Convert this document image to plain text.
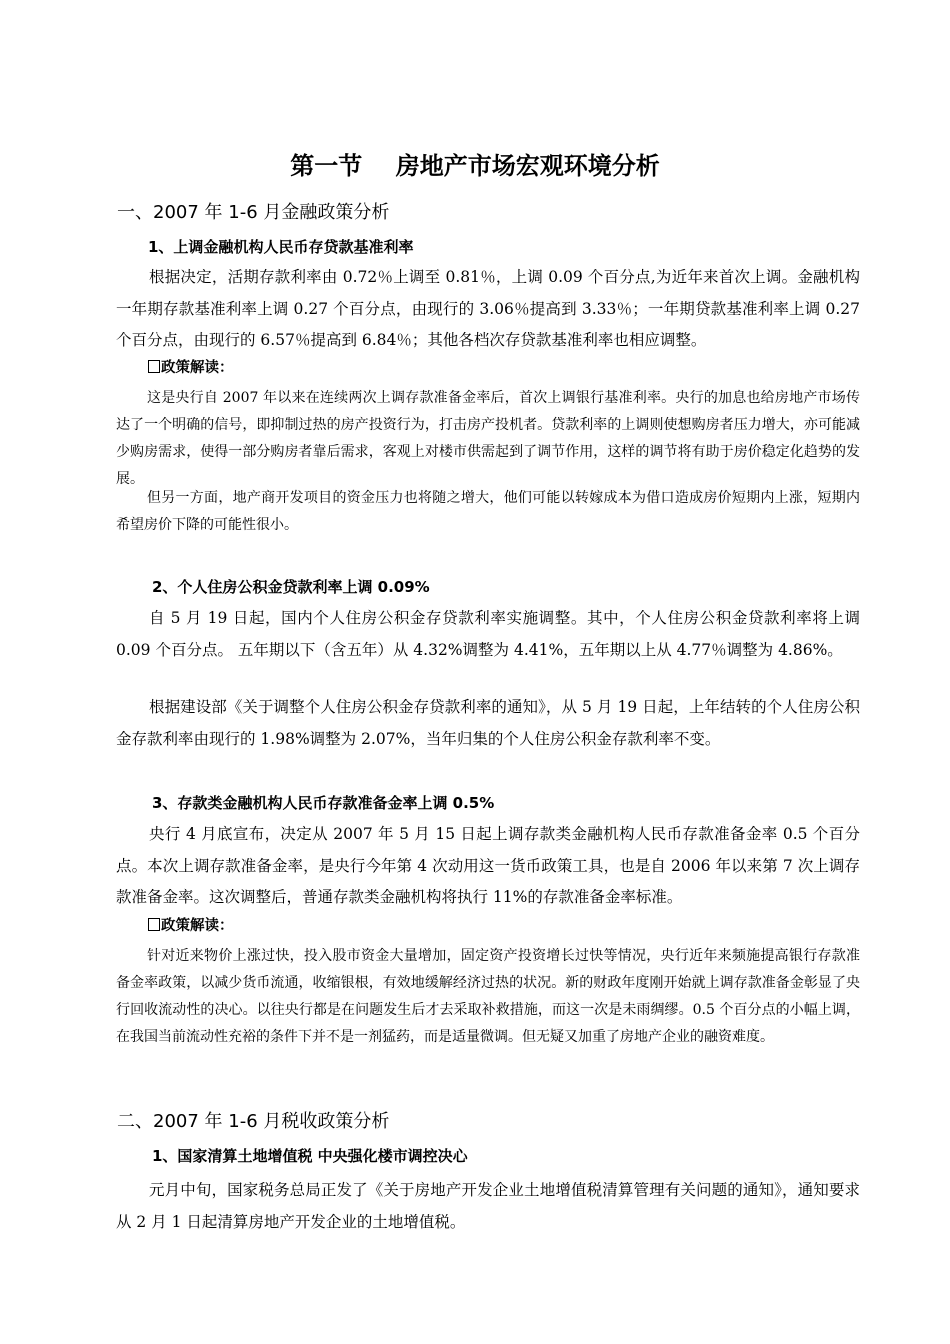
第一节    房地产市场宏观环境分析
一、2007 年 1-6 月金融政策分析
1、上调金融机构人民币存贷款基准利率
根据决定，活期存款利率由 0.72％上调至 0.81％，上调 0.09 个百分点,为近年来首次上调。金融机构一年期存款基准利率上调 0.27 个百分点，由现行的 3.06％提高到 3.33％；一年期贷款基准利率上调 0.27 个百分点，由现行的 6.57％提高到 6.84％；其他各档次存贷款基准利率也相应调整。
政策解读：
这是央行自 2007 年以来在连续两次上调存款准备金率后，首次上调银行基准利率。央行的加息也给房地产市场传达了一个明确的信号，即抑制过热的房产投资行为，打击房产投机者。贷款利率的上调则使想购房者压力增大，亦可能减少购房需求，使得一部分购房者靠后需求，客观上对楼市供需起到了调节作用，这样的调节将有助于房价稳定化趋势的发展。
但另一方面，地产商开发项目的资金压力也将随之增大，他们可能以转嫁成本为借口造成房价短期内上涨，短期内希望房价下降的可能性很小。
2、个人住房公积金贷款利率上调 0.09%
自 5 月 19 日起，国内个人住房公积金存贷款利率实施调整。其中，个人住房公积金贷款利率将上调 0.09 个百分点。 五年期以下（含五年）从 4.32%调整为 4.41%，五年期以上从 4.77％调整为 4.86%。
根据建设部《关于调整个人住房公积金存贷款利率的通知》，从 5 月 19 日起，上年结转的个人住房公积金存款利率由现行的 1.98%调整为 2.07%，当年归集的个人住房公积金存款利率不变。
3、存款类金融机构人民币存款准备金率上调 0.5%
央行 4 月底宣布，决定从 2007 年 5 月 15 日起上调存款类金融机构人民币存款准备金率 0.5 个百分点。本次上调存款准备金率，是央行今年第 4 次动用这一货币政策工具，也是自 2006 年以来第 7 次上调存款准备金率。这次调整后，普通存款类金融机构将执行 11%的存款准备金率标准。
政策解读：
针对近来物价上涨过快，投入股市资金大量增加，固定资产投资增长过快等情况，央行近年来频施提高银行存款准备金率政策，以减少货币流通，收缩银根，有效地缓解经济过热的状况。新的财政年度刚开始就上调存款准备金彰显了央行回收流动性的决心。以往央行都是在问题发生后才去采取补救措施，而这一次是未雨绸缪。0.5 个百分点的小幅上调，在我国当前流动性充裕的条件下并不是一剂猛药，而是适量微调。但无疑又加重了房地产企业的融资难度。
二、2007 年 1-6 月税收政策分析
1、国家清算土地增值税 中央强化楼市调控决心
元月中旬，国家税务总局正发了《关于房地产开发企业土地增值税清算管理有关问题的通知》，通知要求从 2 月 1 日起清算房地产开发企业的土地增值税。
